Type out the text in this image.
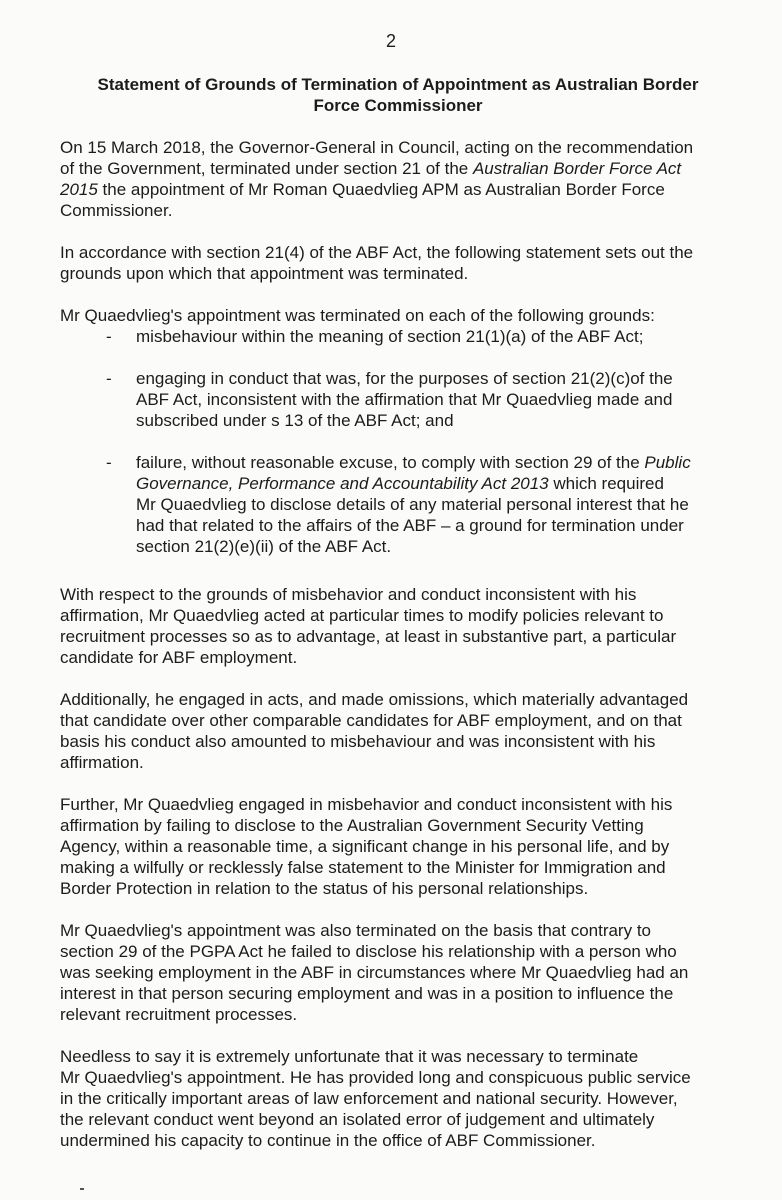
2
Statement of Grounds of Termination of Appointment as Australian Border
Force Commissioner
On 15 March 2018, the Governor-General in Council, acting on the recommendation
of the Government, terminated under section 21 of the Australian Border Force Act
2015 the appointment of Mr Roman Quaedvlieg APM as Australian Border Force
Commissioner.
In accordance with section 21(4) of the ABF Act, the following statement sets out the
grounds upon which that appointment was terminated.
Mr Quaedvlieg's appointment was terminated on each of the following grounds:
- misbehaviour within the meaning of section 21(1)(a) of the ABF Act;
- engaging in conduct that was, for the purposes of section 21(2)(c)of the
ABF Act, inconsistent with the affirmation that Mr Quaedvlieg made and
subscribed under s 13 of the ABF Act; and
- failure, without reasonable excuse, to comply with section 29 of the Public
Governance, Performance and Accountability Act 2013 which required
Mr Quaedvlieg to disclose details of any material personal interest that he
had that related to the affairs of the ABF – a ground for termination under
section 21(2)(e)(ii) of the ABF Act.
With respect to the grounds of misbehavior and conduct inconsistent with his
affirmation, Mr Quaedvlieg acted at particular times to modify policies relevant to
recruitment processes so as to advantage, at least in substantive part, a particular
candidate for ABF employment.
Additionally, he engaged in acts, and made omissions, which materially advantaged
that candidate over other comparable candidates for ABF employment, and on that
basis his conduct also amounted to misbehaviour and was inconsistent with his
affirmation.
Further, Mr Quaedvlieg engaged in misbehavior and conduct inconsistent with his
affirmation by failing to disclose to the Australian Government Security Vetting
Agency, within a reasonable time, a significant change in his personal life, and by
making a wilfully or recklessly false statement to the Minister for Immigration and
Border Protection in relation to the status of his personal relationships.
Mr Quaedvlieg's appointment was also terminated on the basis that contrary to
section 29 of the PGPA Act he failed to disclose his relationship with a person who
was seeking employment in the ABF in circumstances where Mr Quaedvlieg had an
interest in that person securing employment and was in a position to influence the
relevant recruitment processes.
Needless to say it is extremely unfortunate that it was necessary to terminate
Mr Quaedvlieg's appointment. He has provided long and conspicuous public service
in the critically important areas of law enforcement and national security. However,
the relevant conduct went beyond an isolated error of judgement and ultimately
undermined his capacity to continue in the office of ABF Commissioner.
